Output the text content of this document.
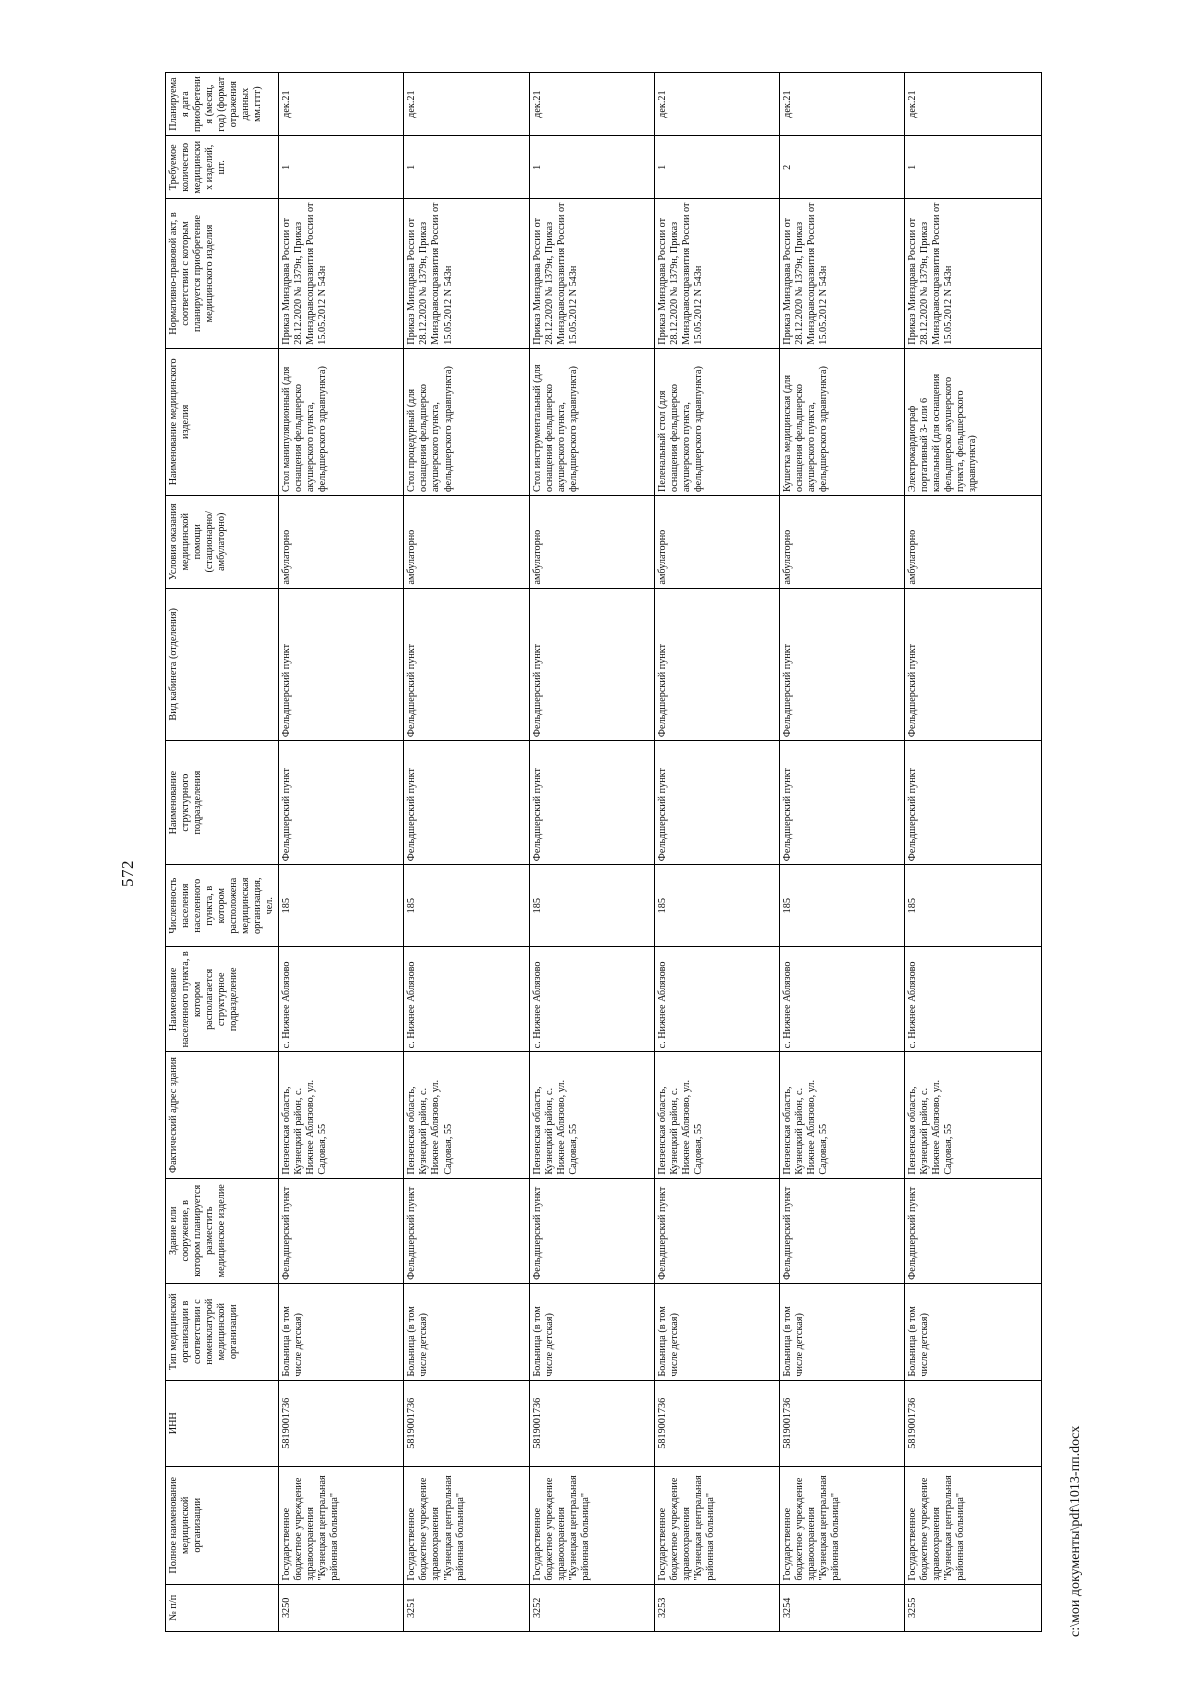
572
№ п/п	Полное наименование медицинской организации	ИНН	Тип медицинской организации в соответствии с номенклатурой медицинской организации	Здание или сооружение, в котором планируется разместить медицинское изделие	Фактический адрес здания	Наименование населенного пункта, в котором располагается структурное подразделение	Численность населения населенного пункта, в котором расположена медицинская организация, чел.	Наименование структурного подразделения	Вид кабинета (отделения)	Условия оказания медицинской помощи (стационарно/ амбулаторно)	Наименование медицинского изделия	Нормативно-правовой акт, в соответствии с которым планируется приобретение медицинского изделия	Требуемое количество медицинских изделий, шт.	Планируемая дата приобретения (месяц, год) (формат отражения данных мм.гггг)
3250	Государственное бюджетное учреждение здравоохранения "Кузнецкая центральная районная больница"	5819001736	Больница (в том числе детская)	Фельдшерский пункт	Пензенская область, Кузнецкий район, с. Нижнее Аблязово, ул. Садовая, 55	с. Нижнее Аблязово	185	Фельдшерский пункт	Фельдшерский пункт	амбулаторно	Стол манипуляционный (для оснащения фельдшерско акушерского пункта, фельдшерского здравпункта)	Приказ Минздрава России от 28.12.2020 № 1379н, Приказ Минздравсоцразвития России от 15.05.2012 N 543н	1	дек.21
3251	Государственное бюджетное учреждение здравоохранения "Кузнецкая центральная районная больница"	5819001736	Больница (в том числе детская)	Фельдшерский пункт	Пензенская область, Кузнецкий район, с. Нижнее Аблязово, ул. Садовая, 55	с. Нижнее Аблязово	185	Фельдшерский пункт	Фельдшерский пункт	амбулаторно	Стол процедурный (для оснащения фельдшерско акушерского пункта, фельдшерского здравпункта)	Приказ Минздрава России от 28.12.2020 № 1379н, Приказ Минздравсоцразвития России от 15.05.2012 N 543н	1	дек.21
3252	Государственное бюджетное учреждение здравоохранения "Кузнецкая центральная районная больница"	5819001736	Больница (в том числе детская)	Фельдшерский пункт	Пензенская область, Кузнецкий район, с. Нижнее Аблязово, ул. Садовая, 55	с. Нижнее Аблязово	185	Фельдшерский пункт	Фельдшерский пункт	амбулаторно	Стол инструментальный (для оснащения фельдшерско акушерского пункта, фельдшерского здравпункта)	Приказ Минздрава России от 28.12.2020 № 1379н, Приказ Минздравсоцразвития России от 15.05.2012 N 543н	1	дек.21
3253	Государственное бюджетное учреждение здравоохранения "Кузнецкая центральная районная больница"	5819001736	Больница (в том числе детская)	Фельдшерский пункт	Пензенская область, Кузнецкий район, с. Нижнее Аблязово, ул. Садовая, 55	с. Нижнее Аблязово	185	Фельдшерский пункт	Фельдшерский пункт	амбулаторно	Пеленальный стол (для оснащения фельдшерско акушерского пункта, фельдшерского здравпункта)	Приказ Минздрава России от 28.12.2020 № 1379н, Приказ Минздравсоцразвития России от 15.05.2012 N 543н	1	дек.21
3254	Государственное бюджетное учреждение здравоохранения "Кузнецкая центральная районная больница"	5819001736	Больница (в том числе детская)	Фельдшерский пункт	Пензенская область, Кузнецкий район, с. Нижнее Аблязово, ул. Садовая, 55	с. Нижнее Аблязово	185	Фельдшерский пункт	Фельдшерский пункт	амбулаторно	Кушетка медицинская (для оснащения фельдшерско акушерского пункта, фельдшерского здравпункта)	Приказ Минздрава России от 28.12.2020 № 1379н, Приказ Минздравсоцразвития России от 15.05.2012 N 543н	2	дек.21
3255	Государственное бюджетное учреждение здравоохранения "Кузнецкая центральная районная больница"	5819001736	Больница (в том числе детская)	Фельдшерский пункт	Пензенская область, Кузнецкий район, с. Нижнее Аблязово, ул. Садовая, 55	с. Нижнее Аблязово	185	Фельдшерский пункт	Фельдшерский пункт	амбулаторно	Электрокардиограф портативный 3- или 6 канальный (для оснащения фельдшерско акушерского пункта, фельдшерского здравпункта)	Приказ Минздрава России от 28.12.2020 № 1379н, Приказ Минздравсоцразвития России от 15.05.2012 N 543н	1	дек.21
c:\мои документы\pdf\1013-пп.docx
